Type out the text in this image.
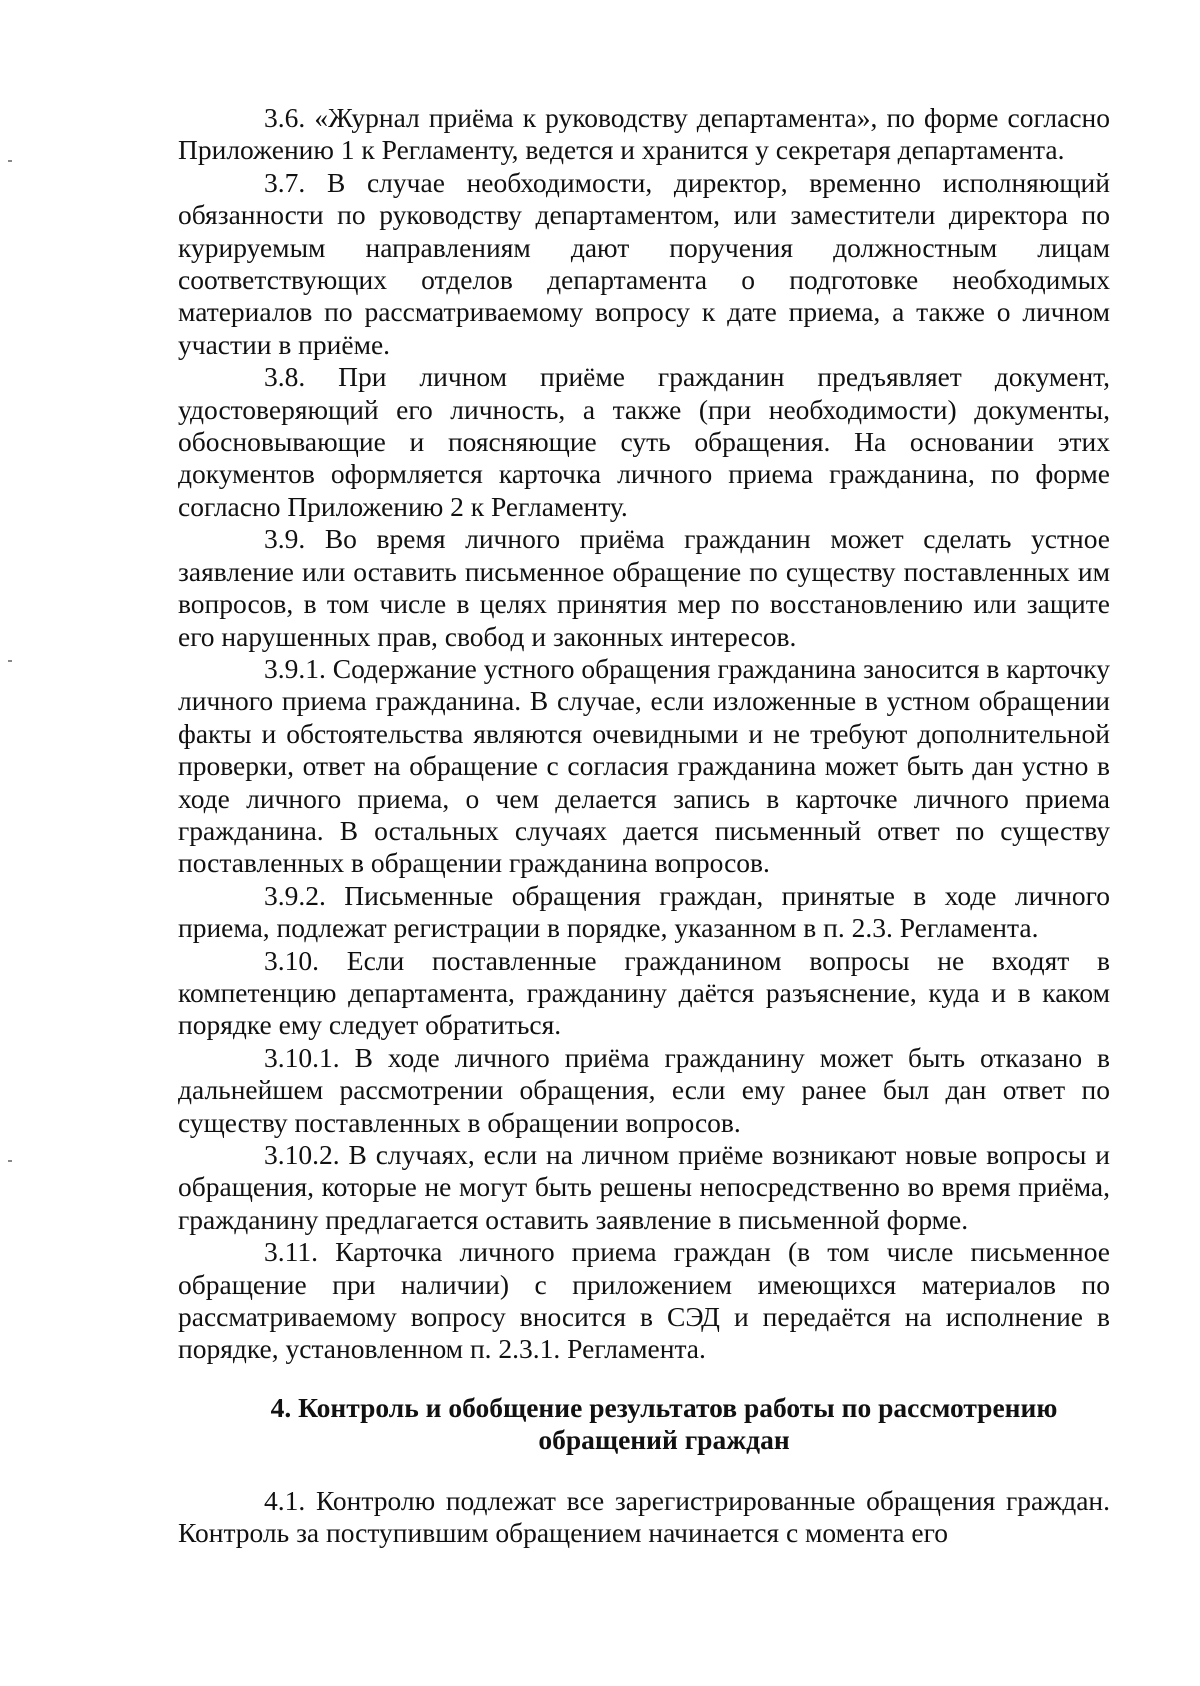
3.6. «Журнал приёма к руководству департамента», по форме согласно Приложению 1 к Регламенту, ведется и хранится у секретаря департамента.

3.7. В случае необходимости, директор, временно исполняющий обязанности по руководству департаментом, или заместители директора по курируемым направлениям дают поручения должностным лицам соответствующих отделов департамента о подготовке необходимых материалов по рассматриваемому вопросу к дате приема, а также о личном участии в приёме.

3.8. При личном приёме гражданин предъявляет документ, удостоверяющий его личность, а также (при необходимости) документы, обосновывающие и поясняющие суть обращения. На основании этих документов оформляется карточка личного приема гражданина, по форме согласно Приложению 2 к Регламенту.

3.9. Во время личного приёма гражданин может сделать устное заявление или оставить письменное обращение по существу поставленных им вопросов, в том числе в целях принятия мер по восстановлению или защите его нарушенных прав, свобод и законных интересов.

3.9.1. Содержание устного обращения гражданина заносится в карточку личного приема гражданина. В случае, если изложенные в устном обращении факты и обстоятельства являются очевидными и не требуют дополнительной проверки, ответ на обращение с согласия гражданина может быть дан устно в ходе личного приема, о чем делается запись в карточке личного приема гражданина. В остальных случаях дается письменный ответ по существу поставленных в обращении гражданина вопросов.

3.9.2. Письменные обращения граждан, принятые в ходе личного приема, подлежат регистрации в порядке, указанном в п. 2.3. Регламента.

3.10. Если поставленные гражданином вопросы не входят в компетенцию департамента, гражданину даётся разъяснение, куда и в каком порядке ему следует обратиться.

3.10.1. В ходе личного приёма гражданину может быть отказано в дальнейшем рассмотрении обращения, если ему ранее был дан ответ по существу поставленных в обращении вопросов.

3.10.2. В случаях, если на личном приёме возникают новые вопросы и обращения, которые не могут быть решены непосредственно во время приёма, гражданину предлагается оставить заявление в письменной форме.

3.11. Карточка личного приема граждан (в том числе письменное обращение при наличии) с приложением имеющихся материалов по рассматриваемому вопросу вносится в СЭД и передаётся на исполнение в порядке, установленном п. 2.3.1. Регламента.

4. Контроль и обобщение результатов работы по рассмотрению
обращений граждан

4.1. Контролю подлежат все зарегистрированные обращения граждан. Контроль за поступившим обращением начинается с момента его
